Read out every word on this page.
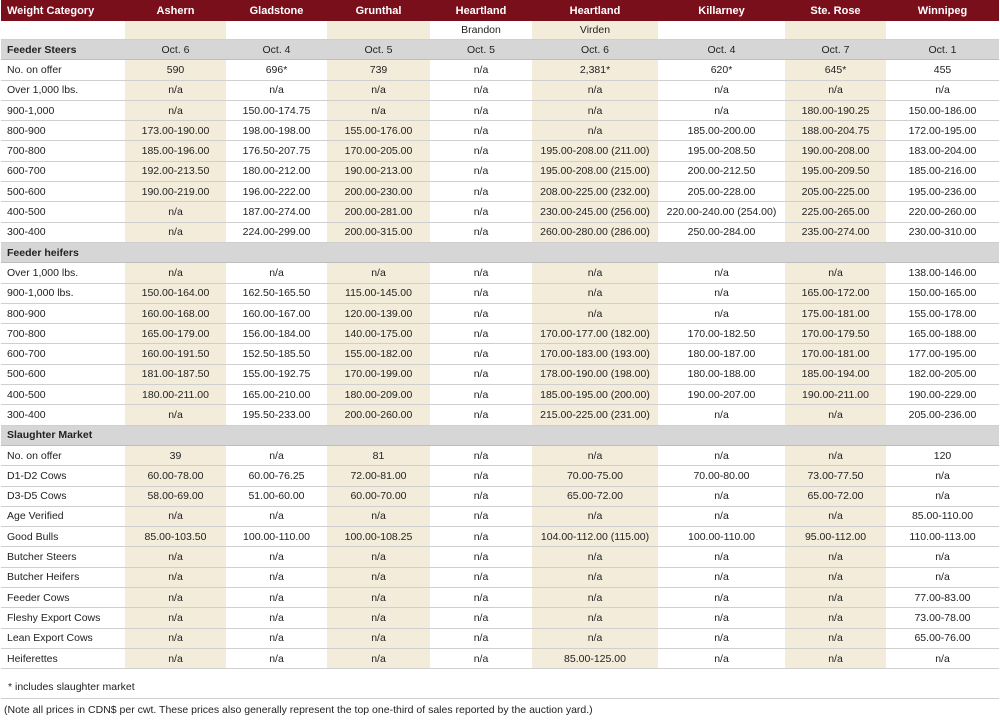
Weight Category	Ashern	Gladstone	Grunthal	Heartland	Heartland	Killarney	Ste. Rose	Winnipeg
				Brandon	Virden			
Feeder Steers	Oct. 6	Oct. 4	Oct. 5	Oct. 5	Oct. 6	Oct. 4	Oct. 7	Oct. 1
No. on offer	590	696*	739	n/a	2,381*	620*	645*	455
Over 1,000 lbs.	n/a	n/a	n/a	n/a	n/a	n/a	n/a	n/a
900-1,000	n/a	150.00-174.75	n/a	n/a	n/a	n/a	180.00-190.25	150.00-186.00
800-900	173.00-190.00	198.00-198.00	155.00-176.00	n/a	n/a	185.00-200.00	188.00-204.75	172.00-195.00
700-800	185.00-196.00	176.50-207.75	170.00-205.00	n/a	195.00-208.00 (211.00)	195.00-208.50	190.00-208.00	183.00-204.00
600-700	192.00-213.50	180.00-212.00	190.00-213.00	n/a	195.00-208.00 (215.00)	200.00-212.50	195.00-209.50	185.00-216.00
500-600	190.00-219.00	196.00-222.00	200.00-230.00	n/a	208.00-225.00 (232.00)	205.00-228.00	205.00-225.00	195.00-236.00
400-500	n/a	187.00-274.00	200.00-281.00	n/a	230.00-245.00 (256.00)	220.00-240.00 (254.00)	225.00-265.00	220.00-260.00
300-400	n/a	224.00-299.00	200.00-315.00	n/a	260.00-280.00 (286.00)	250.00-284.00	235.00-274.00	230.00-310.00
Feeder heifers								
Over 1,000 lbs.	n/a	n/a	n/a	n/a	n/a	n/a	n/a	138.00-146.00
900-1,000 lbs.	150.00-164.00	162.50-165.50	115.00-145.00	n/a	n/a	n/a	165.00-172.00	150.00-165.00
800-900	160.00-168.00	160.00-167.00	120.00-139.00	n/a	n/a	n/a	175.00-181.00	155.00-178.00
700-800	165.00-179.00	156.00-184.00	140.00-175.00	n/a	170.00-177.00 (182.00)	170.00-182.50	170.00-179.50	165.00-188.00
600-700	160.00-191.50	152.50-185.50	155.00-182.00	n/a	170.00-183.00 (193.00)	180.00-187.00	170.00-181.00	177.00-195.00
500-600	181.00-187.50	155.00-192.75	170.00-199.00	n/a	178.00-190.00 (198.00)	180.00-188.00	185.00-194.00	182.00-205.00
400-500	180.00-211.00	165.00-210.00	180.00-209.00	n/a	185.00-195.00 (200.00)	190.00-207.00	190.00-211.00	190.00-229.00
300-400	n/a	195.50-233.00	200.00-260.00	n/a	215.00-225.00 (231.00)	n/a	n/a	205.00-236.00
Slaughter Market								
No. on offer	39	n/a	81	n/a	n/a	n/a	n/a	120
D1-D2 Cows	60.00-78.00	60.00-76.25	72.00-81.00	n/a	70.00-75.00	70.00-80.00	73.00-77.50	n/a
D3-D5 Cows	58.00-69.00	51.00-60.00	60.00-70.00	n/a	65.00-72.00	n/a	65.00-72.00	n/a
Age Verified	n/a	n/a	n/a	n/a	n/a	n/a	n/a	85.00-110.00
Good Bulls	85.00-103.50	100.00-110.00	100.00-108.25	n/a	104.00-112.00 (115.00)	100.00-110.00	95.00-112.00	110.00-113.00
Butcher Steers	n/a	n/a	n/a	n/a	n/a	n/a	n/a	n/a
Butcher Heifers	n/a	n/a	n/a	n/a	n/a	n/a	n/a	n/a
Feeder Cows	n/a	n/a	n/a	n/a	n/a	n/a	n/a	77.00-83.00
Fleshy Export Cows	n/a	n/a	n/a	n/a	n/a	n/a	n/a	73.00-78.00
Lean Export Cows	n/a	n/a	n/a	n/a	n/a	n/a	n/a	65.00-76.00
Heiferettes	n/a	n/a	n/a	n/a	85.00-125.00	n/a	n/a	n/a
* includes slaughter market
(Note all prices in CDN$ per cwt. These prices also generally represent the top one-third of sales reported by the auction yard.)
